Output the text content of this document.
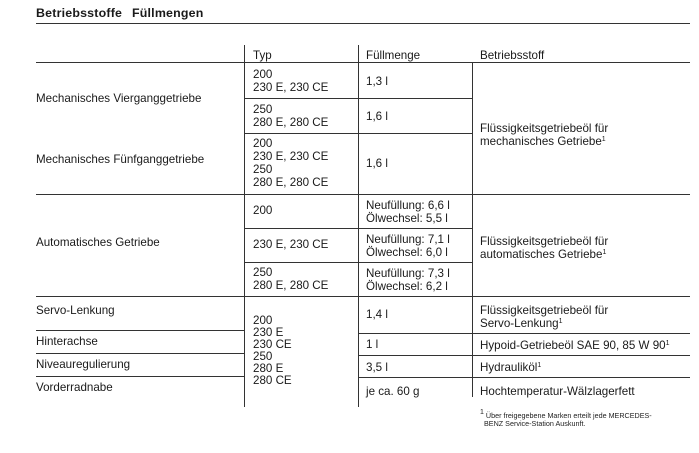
Betriebsstoffe Füllmengen
Typ	Füllmenge	Betriebsstoff
Mechanisches Vierganggetriebe
Mechanisches Fünfganggetriebe
Automatisches Getriebe
Servo-Lenkung
Hinterachse
Niveauregulierung
Vorderradnabe
200
230 E, 230 CE
250
280 E, 280 CE
200
230 E, 230 CE
250
280 E, 280 CE
200
230 E, 230 CE
250
280 E, 280 CE
200
230 E
230 CE
250
280 E
280 CE
1,3 l
1,6 l
1,6 l
Neufüllung: 6,6 l
Ölwechsel: 5,5 l
Neufüllung: 7,1 l
Ölwechsel: 6,0 l
Neufüllung: 7,3 l
Ölwechsel: 6,2 l
1,4 l
1 l
3,5 l
je ca. 60 g
Flüssigkeitsgetriebeöl für
mechanisches Getriebe$^1$
Flüssigkeitsgetriebeöl für
automatisches Getriebe$^1$
Flüssigkeitsgetriebeöl für
Servo-Lenkung$^1$
Hypoid-Getriebeöl SAE 90, 85 W $90^1$
Hydrauliköl$^1$
Hochtemperatur-Wälzlagerfett
1 Über freigegebene Marken erteilt jede MERCEDES-
BENZ Service-Station Auskunft.
